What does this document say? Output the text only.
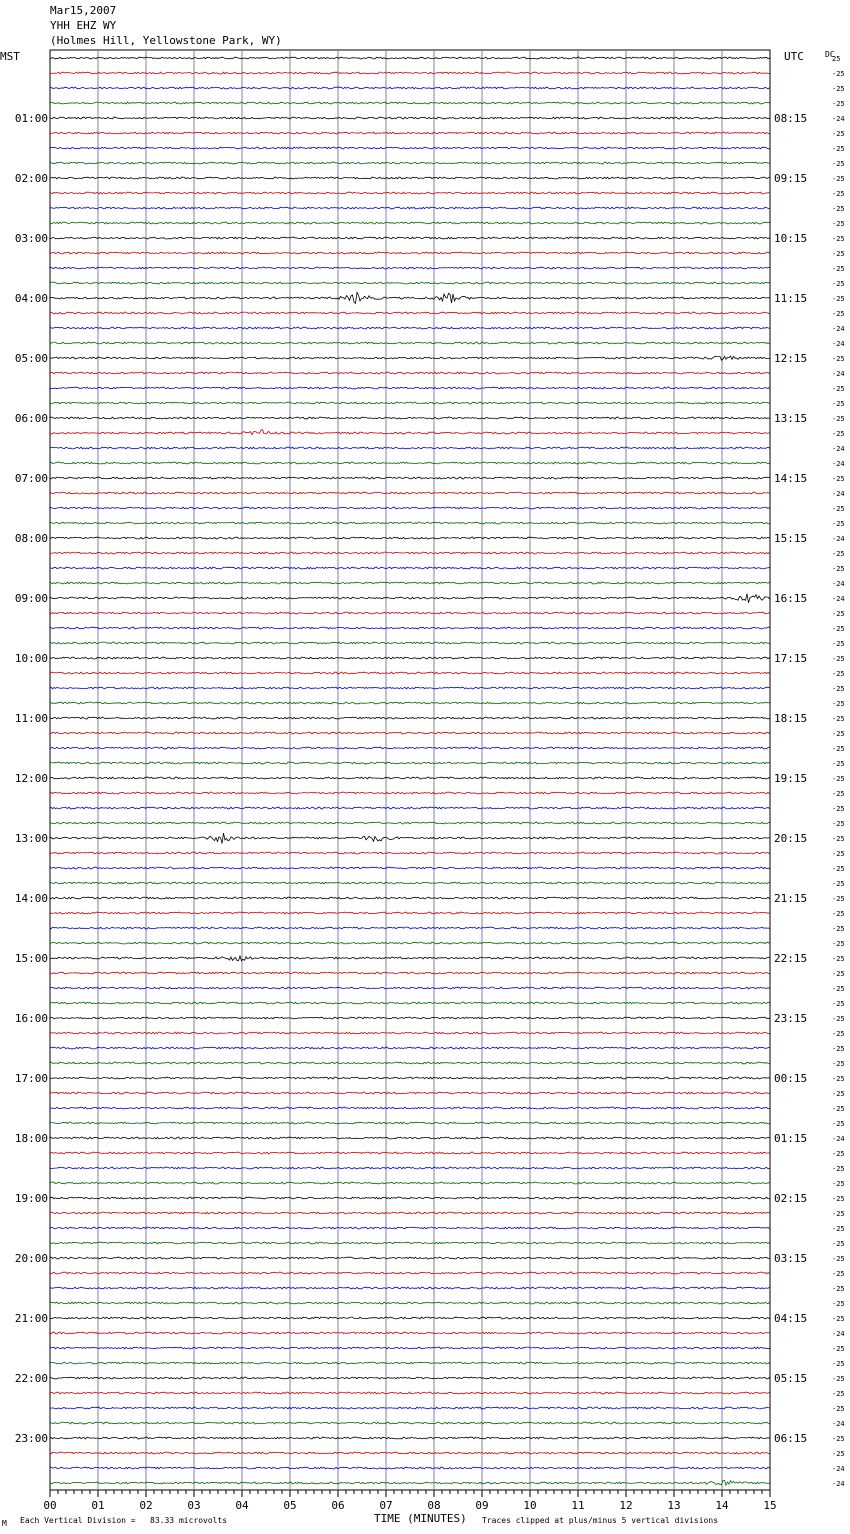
Mar15,2007
YHH EHZ WY
(Holmes Hill, Yellowstone Park, WY)
MST	UTC	DC
25
-25
-25
-25
-24
-25
-25
-25
-25
-25
-25
-25
-25
-25
-25
-25
-25
-25
-24
-24
-25
-24
-25
-25
-25
-25
-24
-24
-25
-24
-25
-25
-24
-25
-25
-24
-24
-25
-25
-25
-25
-25
-25
-25
-25
-25
-25
-25
-25
-25
-25
-25
-25
-25
-25
-25
-25
-25
-25
-25
-25
-25
-25
-25
-25
-25
-25
-25
-25
-25
-25
-25
-24
-25
-25
-25
-25
-25
-25
-25
-25
-25
-25
-25
-25
-24
-25
-25
-25
-25
-25
-24
-25
-25
-24
-24
01:00	08:15
02:00	09:15
03:00	10:15
04:00	11:15
05:00	12:15
06:00	13:15
07:00	14:15
08:00	15:15
09:00	16:15
10:00	17:15
11:00	18:15
12:00	19:15
13:00	20:15
14:00	21:15
15:00	22:15
16:00	23:15
17:00	00:15
18:00	01:15
19:00	02:15
20:00	03:15
21:00	04:15
22:00	05:15
23:00	06:15
00	01	02	03	04	05	06	07	08	09	10	11	12	13	14	15
M Each Vertical Division =   83.33 microvolts	TIME (MINUTES) Traces clipped at plus/minus 5 vertical divisions
